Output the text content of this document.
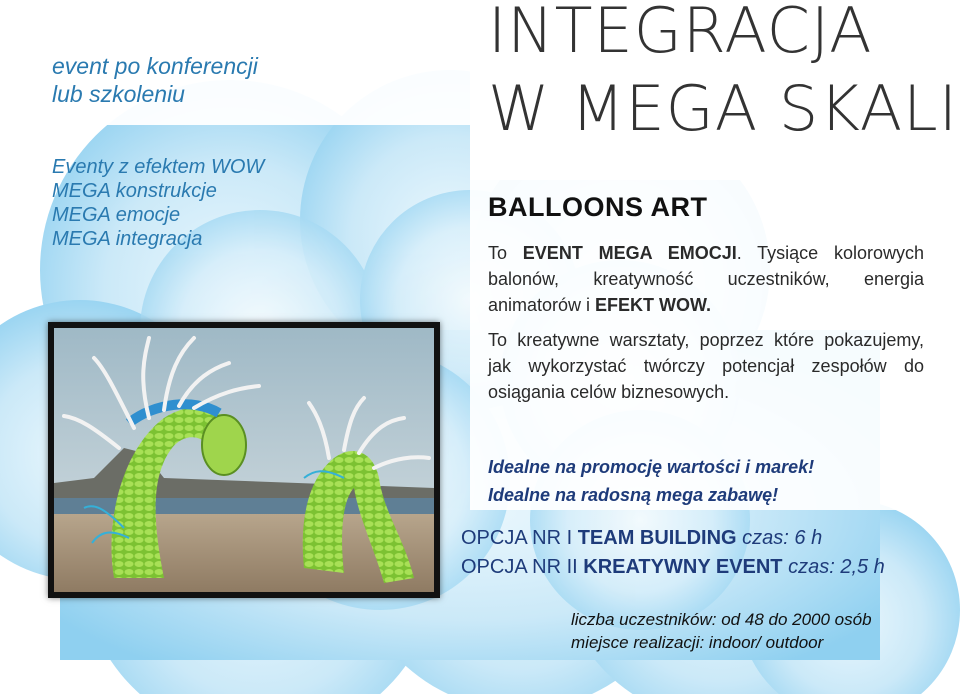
event po konferencji
lub szkoleniu

Eventy z efektem WOW
MEGA konstrukcje
MEGA emocje
MEGA integracja
INTEGRACJA
W MEGA SKALI
BALLOONS ART

To EVENT MEGA EMOCJI. Tysiące kolorowych balonów, kreatywność uczestników, energia animatorów i EFEKT WOW.

To kreatywne warsztaty, poprzez które pokazujemy, jak wykorzystać twórczy potencjał zespołów do osiągania celów biznesowych.

Idealne na promocję wartości i marek!
Idealne na radosną mega zabawę!

OPCJA NR I TEAM BUILDING czas: 6 h
OPCJA NR II KREATYWNY EVENT czas: 2,5 h

liczba uczestników: od 48 do 2000 osób
miejsce realizacji: indoor/ outdoor
